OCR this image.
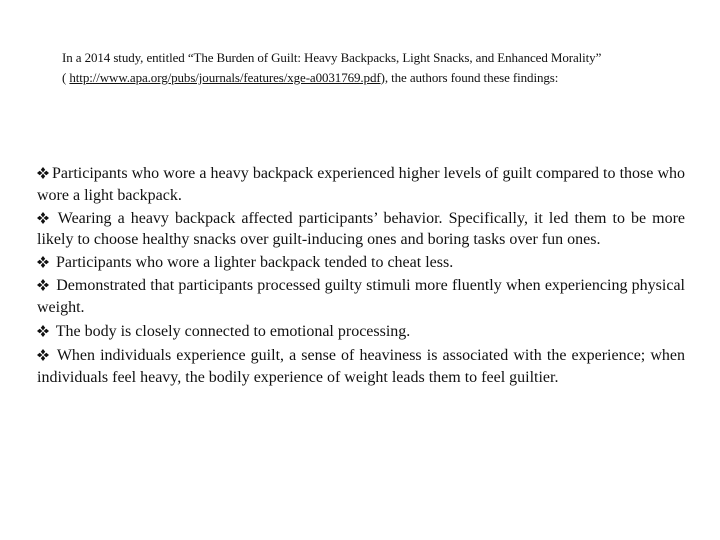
In a 2014 study, entitled “The Burden of Guilt: Heavy Backpacks, Light Snacks, and Enhanced Morality”
( http://www.apa.org/pubs/journals/features/xge-a0031769.pdf), the authors found these findings:

Participants who wore a heavy backpack experienced higher levels of guilt compared to those who wore a light backpack.

Wearing a heavy backpack affected participants’ behavior. Specifically, it led them to be more likely to choose healthy snacks over guilt-inducing ones and boring tasks over fun ones.

Participants who wore a lighter backpack tended to cheat less.

Demonstrated that participants processed guilty stimuli more fluently when experiencing physical weight.

The body is closely connected to emotional processing.

When individuals experience guilt, a sense of heaviness is associated with the experience; when individuals feel heavy, the bodily experience of weight leads them to feel guiltier.
